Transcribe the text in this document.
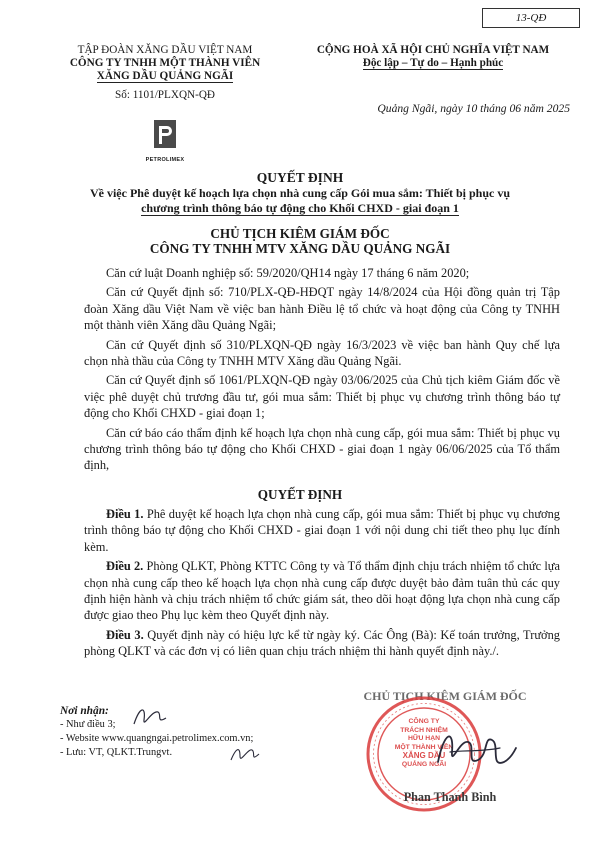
13-QĐ
TẬP ĐOÀN XĂNG DẦU VIỆT NAM
CÔNG TY TNHH MỘT THÀNH VIÊN
XĂNG DẦU QUẢNG NGÃI
Số: 1101/PLXQN-QĐ
PETROLIMEX
CỘNG HOÀ XÃ HỘI CHỦ NGHĨA VIỆT NAM
Độc lập – Tự do – Hạnh phúc
Quảng Ngãi, ngày 10 tháng 06 năm 2025
QUYẾT ĐỊNH
Về việc Phê duyệt kế hoạch lựa chọn nhà cung cấp Gói mua sắm: Thiết bị phục vụ
chương trình thông báo tự động cho Khối CHXD - giai đoạn 1
CHỦ TỊCH KIÊM GIÁM ĐỐC
CÔNG TY TNHH MTV XĂNG DẦU QUẢNG NGÃI
Căn cứ luật Doanh nghiệp số: 59/2020/QH14 ngày 17 tháng 6 năm 2020;
Căn cứ Quyết định số: 710/PLX-QĐ-HĐQT ngày 14/8/2024 của Hội đồng quản trị Tập đoàn Xăng dầu Việt Nam về việc ban hành Điều lệ tổ chức và hoạt động của Công ty TNHH một thành viên Xăng dầu Quảng Ngãi;
Căn cứ Quyết định số 310/PLXQN-QĐ ngày 16/3/2023 về việc ban hành Quy chế lựa chọn nhà thầu của Công ty TNHH MTV Xăng dầu Quảng Ngãi.
Căn cứ Quyết định số 1061/PLXQN-QĐ ngày 03/06/2025 của Chủ tịch kiêm Giám đốc về việc phê duyệt chủ trương đầu tư, gói mua sắm: Thiết bị phục vụ chương trình thông báo tự động cho Khối CHXD - giai đoạn 1;
Căn cứ báo cáo thẩm định kế hoạch lựa chọn nhà cung cấp, gói mua sắm: Thiết bị phục vụ chương trình thông báo tự động cho Khối CHXD - giai đoạn 1 ngày 06/06/2025 của Tổ thẩm định,
QUYẾT ĐỊNH
Điều 1. Phê duyệt kế hoạch lựa chọn nhà cung cấp, gói mua sắm: Thiết bị phục vụ chương trình thông báo tự động cho Khối CHXD - giai đoạn 1 với nội dung chi tiết theo phụ lục đính kèm.
Điều 2. Phòng QLKT, Phòng KTTC Công ty và Tổ thẩm định chịu trách nhiệm tổ chức lựa chọn nhà cung cấp theo kế hoạch lựa chọn nhà cung cấp được duyệt bảo đảm tuân thủ các quy định hiện hành và chịu trách nhiệm tổ chức giám sát, theo dõi hoạt động lựa chọn nhà cung cấp được giao theo Phụ lục kèm theo Quyết định này.
Điều 3. Quyết định này có hiệu lực kể từ ngày ký. Các Ông (Bà): Kế toán trưởng, Trưởng phòng QLKT và các đơn vị có liên quan chịu trách nhiệm thi hành quyết định này./.
Nơi nhận:
- Như điều 3;
- Website www.quangngai.petrolimex.com.vn;
- Lưu: VT, QLKT.Trungvt.
CHỦ TỊCH KIÊM GIÁM ĐỐC
CÔNG TY
TRÁCH NHIỆM
HỮU HẠN
MỘT THÀNH VIÊN
XĂNG DẦU
QUẢNG NGÃI
Phan Thanh Bình
